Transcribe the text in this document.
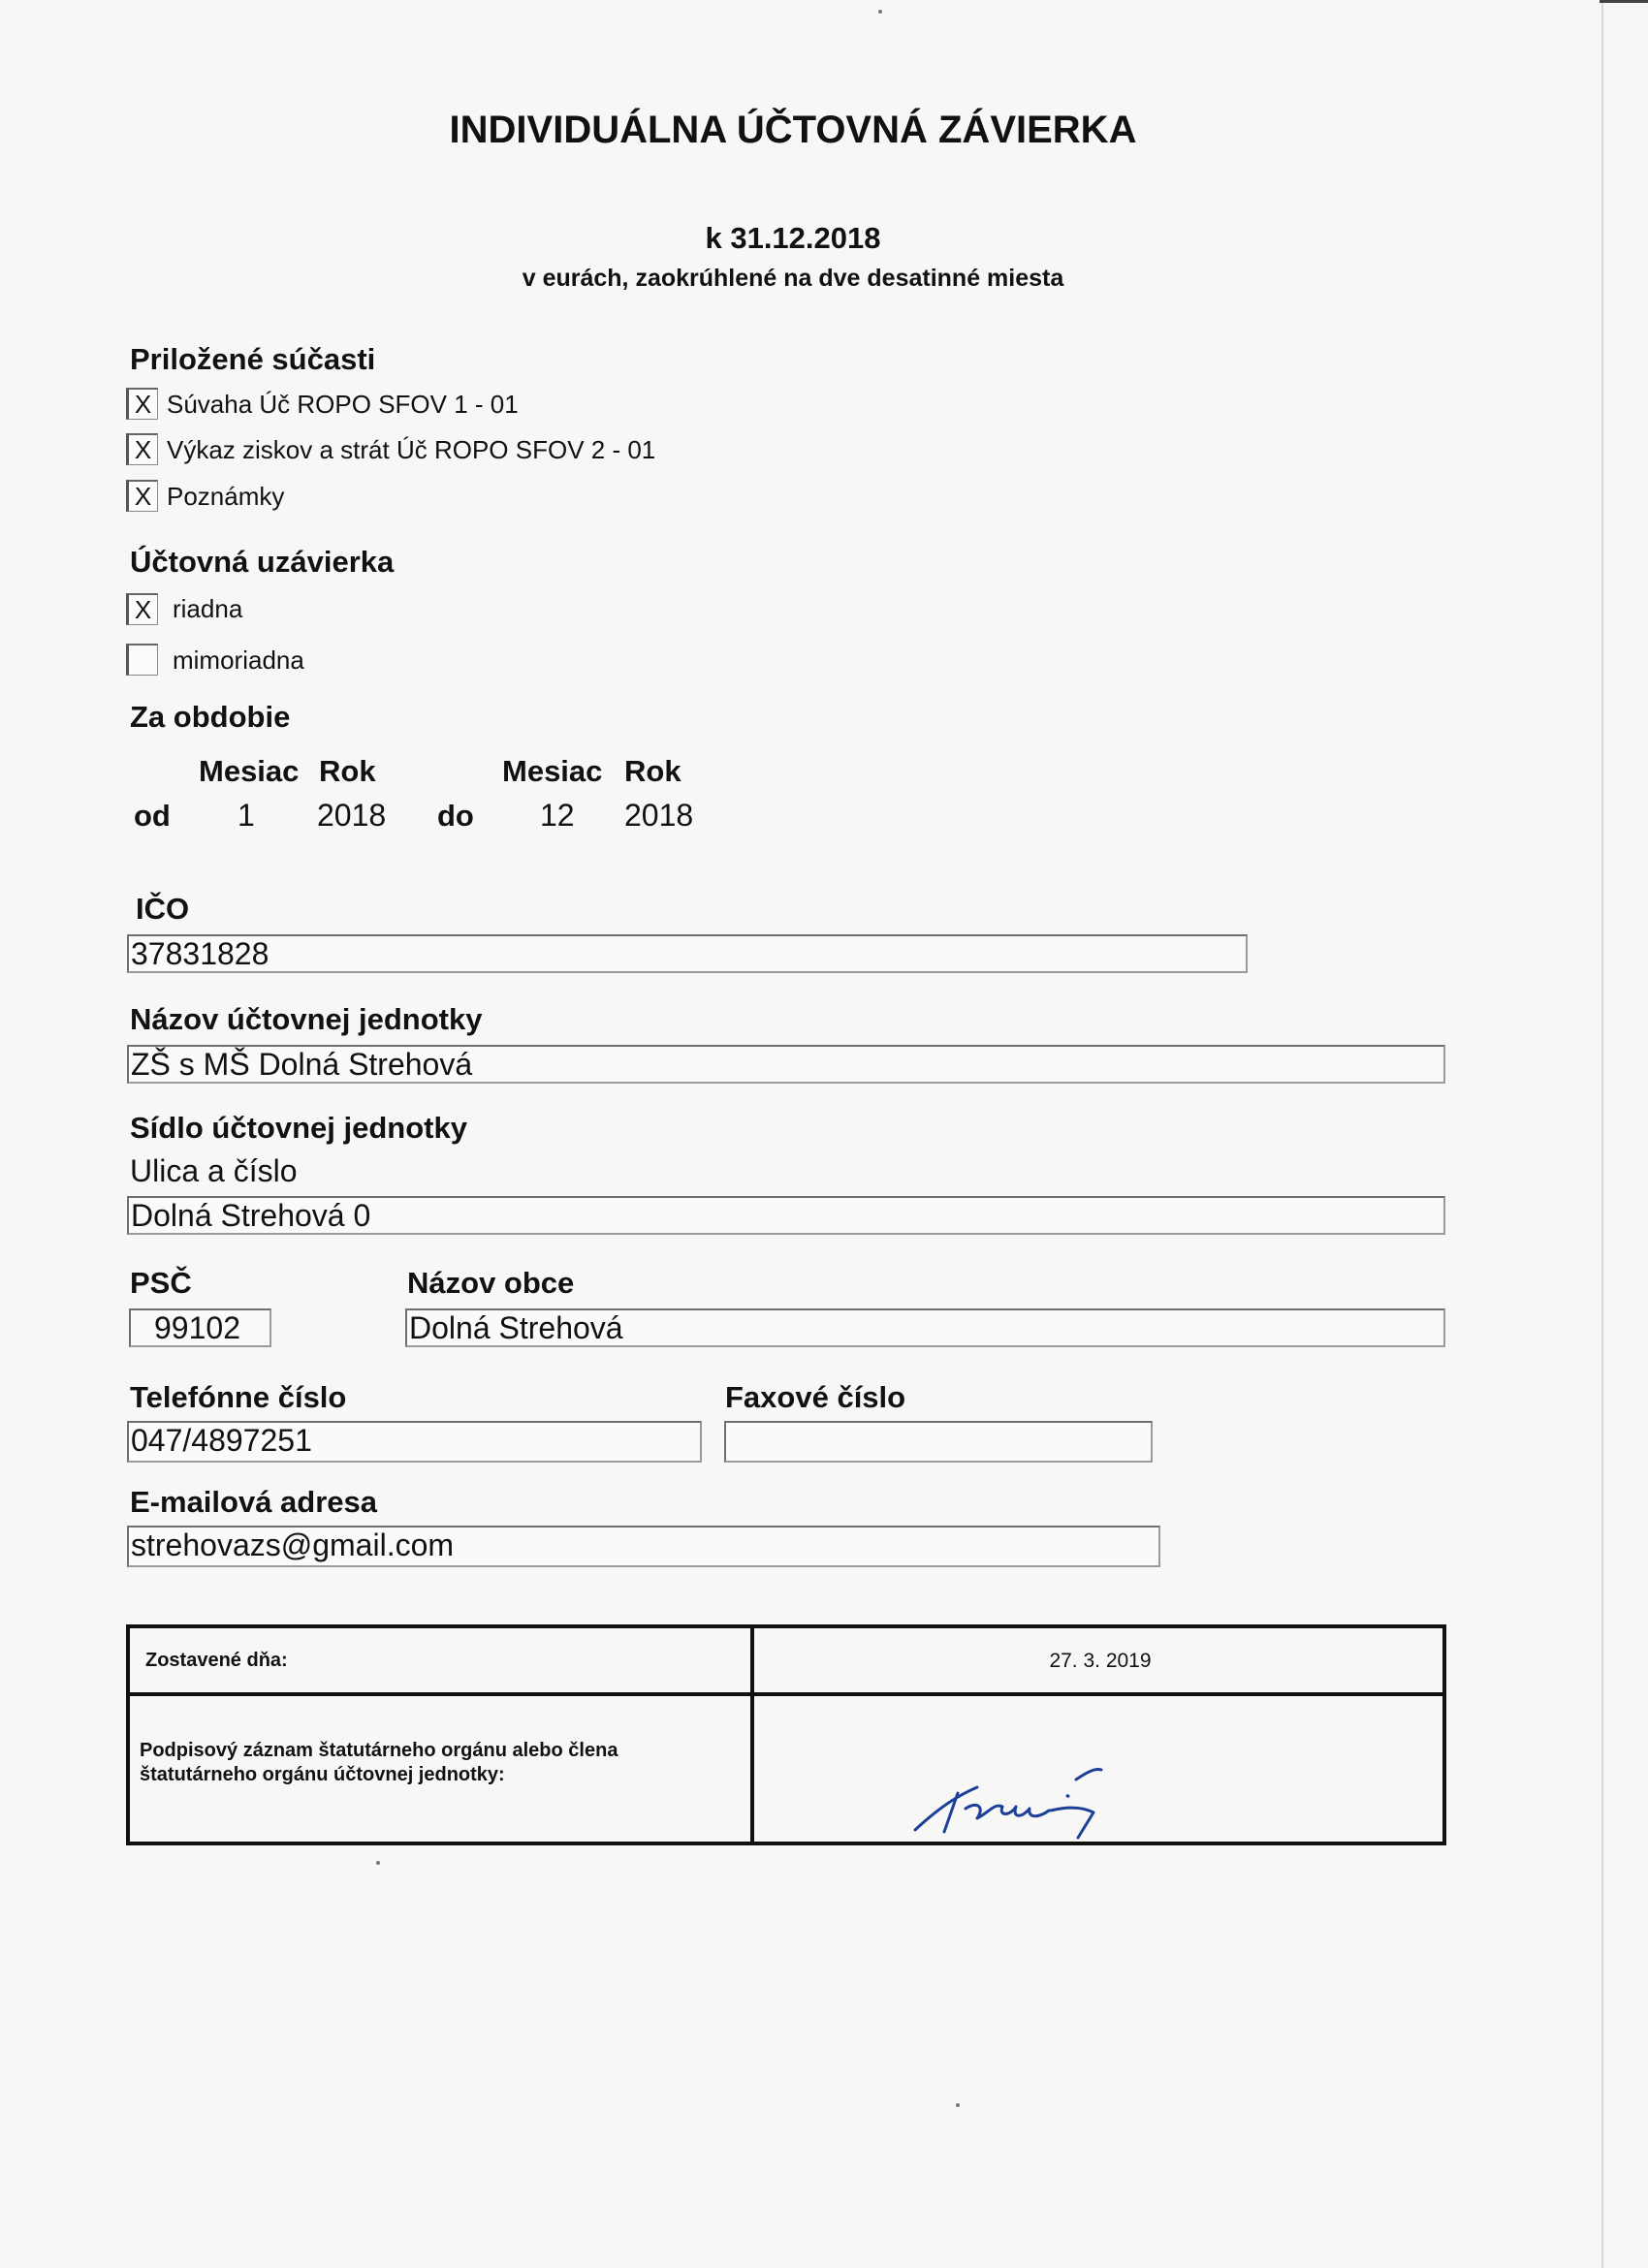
INDIVIDUÁLNA ÚČTOVNÁ ZÁVIERKA
k 31.12.2018
v eurách, zaokrúhlené na dve desatinné miesta
Priložené súčasti
X Súvaha Úč ROPO SFOV 1 - 01
X Výkaz ziskov a strát Úč ROPO SFOV 2 - 01
X Poznámky
Účtovná uzávierka
X riadna
mimoriadna
Za obdobie
Mesiac Rok	Mesiac Rok
od 1 2018 do 12 2018
IČO
37831828
Názov účtovnej jednotky
ZŠ s MŠ Dolná Strehová
Sídlo účtovnej jednotky
Ulica a číslo
Dolná Strehová 0
PSČ
99102
Názov obce
Dolná Strehová
Telefónne číslo
047/4897251
Faxové číslo
E-mailová adresa
strehovazs@gmail.com
Zostavené dňa:	27. 3. 2019
Podpisový záznam štatutárneho orgánu alebo člena štatutárneho orgánu účtovnej jednotky:
